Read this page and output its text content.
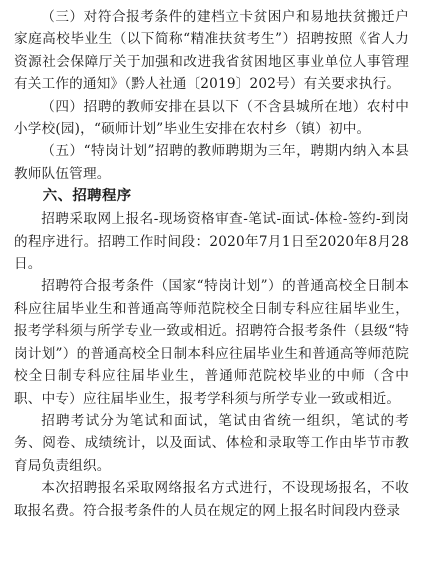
（三）对符合报考条件的建档立卡贫困户和易地扶贫搬迁户家庭高校毕业生（以下简称“精准扶贫考生”）招聘按照《省人力资源社会保障厅关于加强和改进我省贫困地区事业单位人事管理有关工作的通知》（黔人社通〔2019〕202号）有关要求执行。

（四）招聘的教师安排在县以下（不含县城所在地）农村中小学校(园)，“硕师计划”毕业生安排在农村乡（镇）初中。

（五）“特岗计划”招聘的教师聘期为三年，聘期内纳入本县教师队伍管理。

六、招聘程序

招聘采取网上报名-现场资格审查-笔试-面试-体检-签约-到岗的程序进行。招聘工作时间段：2020年7月1日至2020年8月28日。

招聘符合报考条件（国家“特岗计划”）的普通高校全日制本科应往届毕业生和普通高等师范院校全日制专科应往届毕业生，报考学科须与所学专业一致或相近。招聘符合报考条件（县级“特岗计划”）的普通高校全日制本科应往届毕业生和普通高等师范院校全日制专科应往届毕业生，普通师范院校毕业的中师（含中职、中专）应往届毕业生，报考学科须与所学专业一致或相近。

招聘考试分为笔试和面试，笔试由省统一组织，笔试的考务、阅卷、成绩统计，以及面试、体检和录取等工作由毕节市教育局负责组织。

本次招聘报名采取网络报名方式进行，不设现场报名，不收取报名费。符合报考条件的人员在规定的网上报名时间段内登录
